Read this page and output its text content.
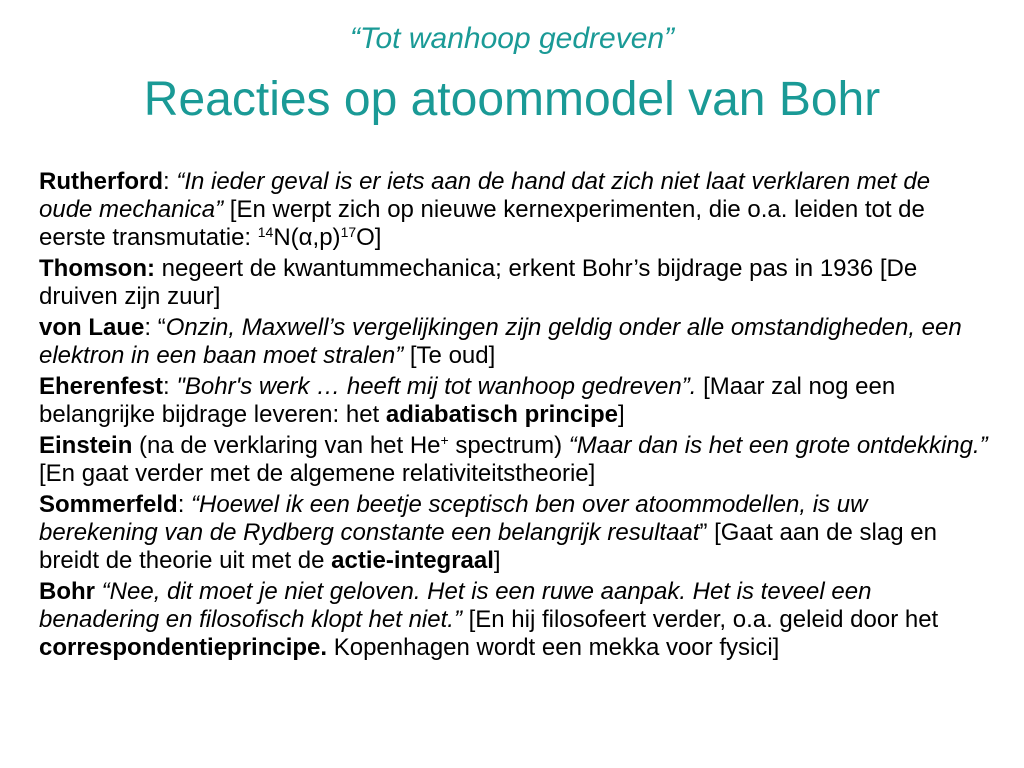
“Tot wanhoop gedreven”
Reacties op atoommodel van Bohr

Rutherford: “In ieder geval is er iets aan de hand dat zich niet laat verklaren met de oude mechanica” [En werpt zich op nieuwe kernexperimenten, die o.a. leiden tot de eerste transmutatie: $^{14}N(\alpha,p)^{17}O$]

Thomson: negeert de kwantummechanica; erkent Bohr’s bijdrage pas in 1936 [De druiven zijn zuur]

von Laue: “Onzin, Maxwell’s vergelijkingen zijn geldig onder alle omstandigheden, een elektron in een baan moet stralen” [Te oud]

Eherenfest: "Bohr's werk … heeft mij tot wanhoop gedreven”. [Maar zal nog een belangrijke bijdrage leveren: het adiabatisch principe]

Einstein (na de verklaring van het He+ spectrum) “Maar dan is het een grote ontdekking.” [En gaat verder met de algemene relativiteitstheorie]

Sommerfeld: “Hoewel ik een beetje sceptisch ben over atoommodellen, is uw berekening van de Rydberg constante een belangrijk resultaat” [Gaat aan de slag en breidt de theorie uit met de actie-integraal]

Bohr “Nee, dit moet je niet geloven. Het is een ruwe aanpak. Het is teveel een benadering en filosofisch klopt het niet.” [En hij filosofeert verder, o.a. geleid door het correspondentieprincipe. Kopenhagen wordt een mekka voor fysici]
